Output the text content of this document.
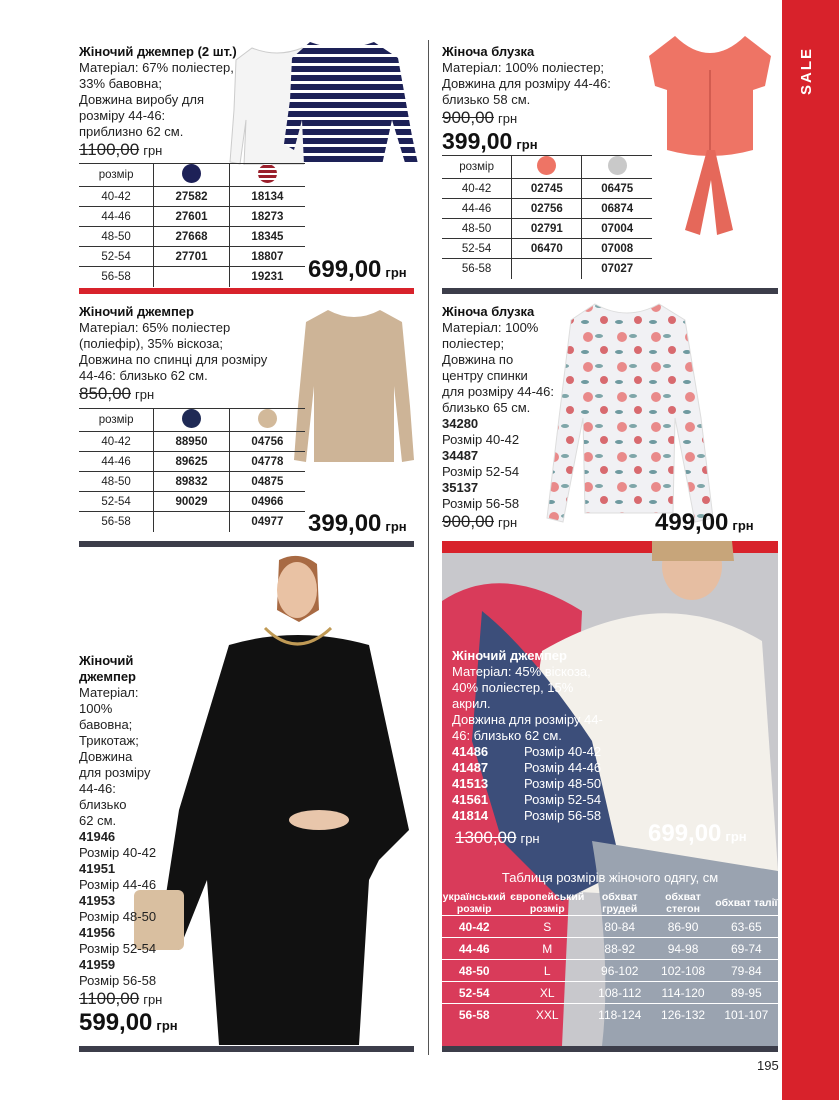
SALE
Жіночий джемпер (2 шт.)
Матеріал: 67% поліестер,
33% бавовна;
Довжина виробу для
розміру 44-46:
приблизно 62 см.
1100,00 грн
розмір		
40-42	27582	18134
44-46	27601	18273
48-50	27668	18345
52-54	27701	18807
56-58		19231 699,00 грн
Жіноча блузка
Матеріал: 100% поліестер;
Довжина для розміру 44-46:
близько 58 см.
900,00 грн
399,00 грн
розмір		
40-42	02745	06475
44-46	02756	06874
48-50	02791	07004
52-54	06470	07008
56-58		07027
Жіночий джемпер
Матеріал: 65% поліестер
(поліефір), 35% віскоза;
Довжина по спинці для розміру
44-46: близько 62 см.
850,00 грн
розмір		
40-42	88950	04756
44-46	89625	04778
48-50	89832	04875
52-54	90029	04966
56-58		04977 399,00 грн
Жіноча блузка
Матеріал: 100%
поліестер;
Довжина по
центру спинки
для розміру 44-46:
близько 65 см.
34280
Розмір 40-42
34487
Розмір 52-54
35137
Розмір 56-58
900,00 грн	499,00 грн
Жіночий
джемпер
Матеріал:
100%
бавовна;
Трикотаж;
Довжина
для розміру
44-46:
близько
62 см.
41946
Розмір 40-42
41951
Розмір 44-46
41953
Розмір 48-50
41956
Розмір 52-54
41959
Розмір 56-58
1100,00 грн
599,00 грн
Жіночий джемпер
Матеріал: 45% віскоза,
40% поліестер, 15%
акрил.
Довжина для розміру 44-
46: близько 62 см.
41486	Розмір 40-42
41487	Розмір 44-46
41513	Розмір 48-50
41561	Розмір 52-54
41814	Розмір 56-58
1300,00 грн	699,00 грн
Таблиця розмірів жіночого одягу, см
український розмір	європейський розмір	обхват грудей	обхват стегон	обхват талії
40-42	S	80-84	86-90	63-65
44-46	M	88-92	94-98	69-74
48-50	L	96-102	102-108	79-84
52-54	XL	108-112	114-120	89-95
56-58	XXL	118-124	126-132	101-107
195
